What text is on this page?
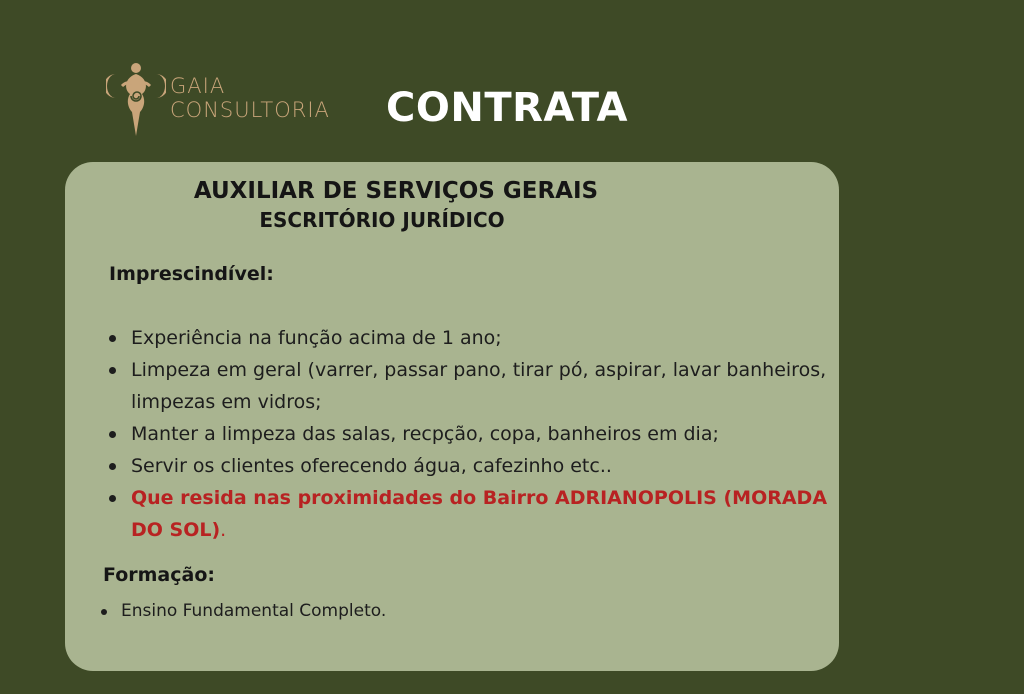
GAIA
CONSULTORIA CONTRATA
AUXILIAR DE SERVIÇOS GERAIS
ESCRITÓRIO JURÍDICO
Imprescindível:
Experiência na função acima de 1 ano;
Limpeza em geral (varrer, passar pano, tirar pó, aspirar, lavar banheiros, limpezas em vidros;
Manter a limpeza das salas, recpção, copa, banheiros em dia;
Servir os clientes oferecendo água, cafezinho etc..
Que resida nas proximidades do Bairro ADRIANOPOLIS (MORADA DO SOL).
Formação:
Ensino Fundamental Completo.
